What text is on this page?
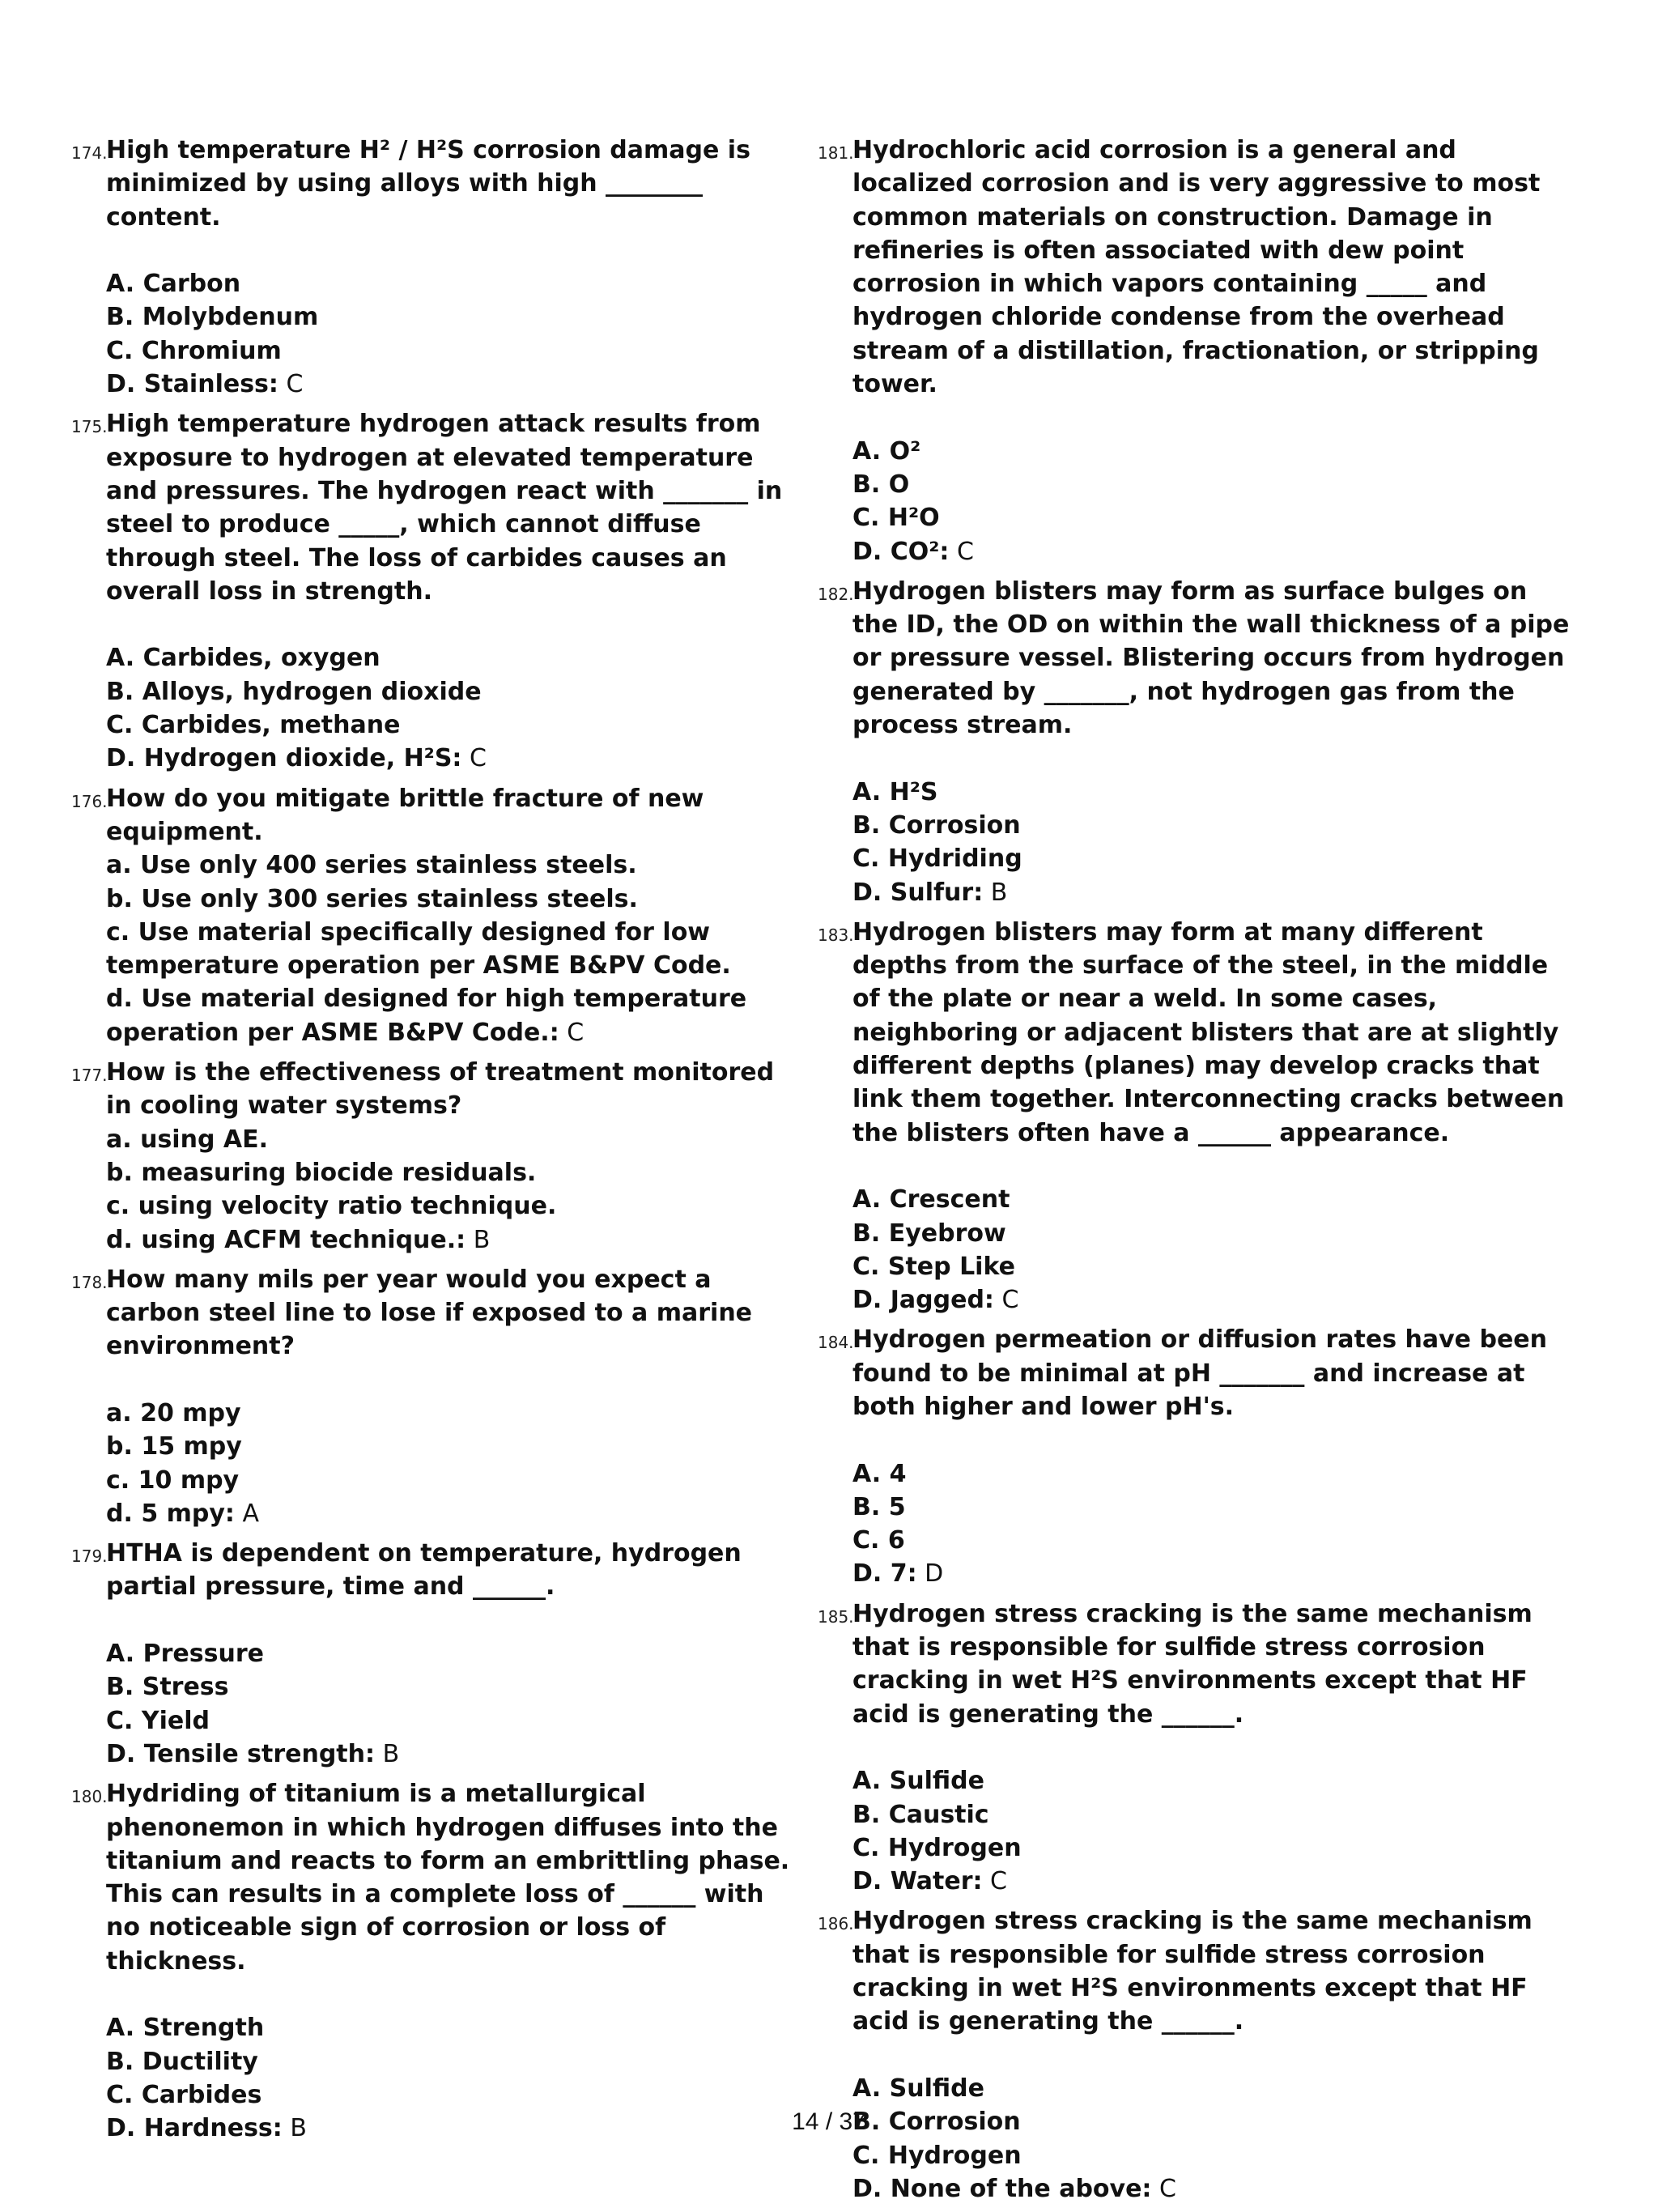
174.
High temperature H² / H²S corrosion damage is minimized by using alloys with high ________ content.
A. Carbon
B. Molybdenum
C. Chromium
D. Stainless: C
175.
High temperature hydrogen attack results from exposure to hydrogen at elevated temperature and pressures. The hydrogen react with _______ in steel to produce _____, which cannot diffuse through steel. The loss of carbides causes an overall loss in strength.
A. Carbides, oxygen
B. Alloys, hydrogen dioxide
C. Carbides, methane
D. Hydrogen dioxide, H²S: C
176.
How do you mitigate brittle fracture of new equipment.
a. Use only 400 series stainless steels.
b. Use only 300 series stainless steels.
c. Use material specifically designed for low temperature operation per ASME B&PV Code.
d. Use material designed for high temperature operation per ASME B&PV Code.: C
177.
How is the effectiveness of treatment monitored in cooling water systems?
a. using AE.
b. measuring biocide residuals.
c. using velocity ratio technique.
d. using ACFM technique.: B
178.
How many mils per year would you expect a carbon steel line to lose if exposed to a marine environment?
a. 20 mpy
b. 15 mpy
c. 10 mpy
d. 5 mpy: A
179.
HTHA is dependent on temperature, hydrogen partial pressure, time and ______.
A. Pressure
B. Stress
C. Yield
D. Tensile strength: B
180.
Hydriding of titanium is a metallurgical phenonemon in which hydrogen diffuses into the titanium and reacts to form an embrittling phase. This can results in a complete loss of ______ with no noticeable sign of corrosion or loss of thickness.
A. Strength
B. Ductility
C. Carbides
D. Hardness: B
181.
Hydrochloric acid corrosion is a general and localized corrosion and is very aggressive to most common materials on construction. Damage in refineries is often associated with dew point corrosion in which vapors containing _____ and hydrogen chloride condense from the overhead stream of a distillation, fractionation, or stripping tower.
A. O²
B. O
C. H²O
D. CO²: C
182.
Hydrogen blisters may form as surface bulges on the ID, the OD on within the wall thickness of a pipe or pressure vessel. Blistering occurs from hydrogen generated by _______, not hydrogen gas from the process stream.
A. H²S
B. Corrosion
C. Hydriding
D. Sulfur: B
183.
Hydrogen blisters may form at many different depths from the surface of the steel, in the middle of the plate or near a weld. In some cases, neighboring or adjacent blisters that are at slightly different depths (planes) may develop cracks that link them together. Interconnecting cracks between the blisters often have a ______ appearance.
A. Crescent
B. Eyebrow
C. Step Like
D. Jagged: C
184.
Hydrogen permeation or diffusion rates have been found to be minimal at pH _______ and increase at both higher and lower pH's.
A. 4
B. 5
C. 6
D. 7: D
185.
Hydrogen stress cracking is the same mechanism that is responsible for sulfide stress corrosion cracking in wet H²S environments except that HF acid is generating the ______.
A. Sulfide
B. Caustic
C. Hydrogen
D. Water: C
186.
Hydrogen stress cracking is the same mechanism that is responsible for sulfide stress corrosion cracking in wet H²S environments except that HF acid is generating the ______.
A. Sulfide
B. Corrosion
C. Hydrogen
D. None of the above: C
14 / 37
